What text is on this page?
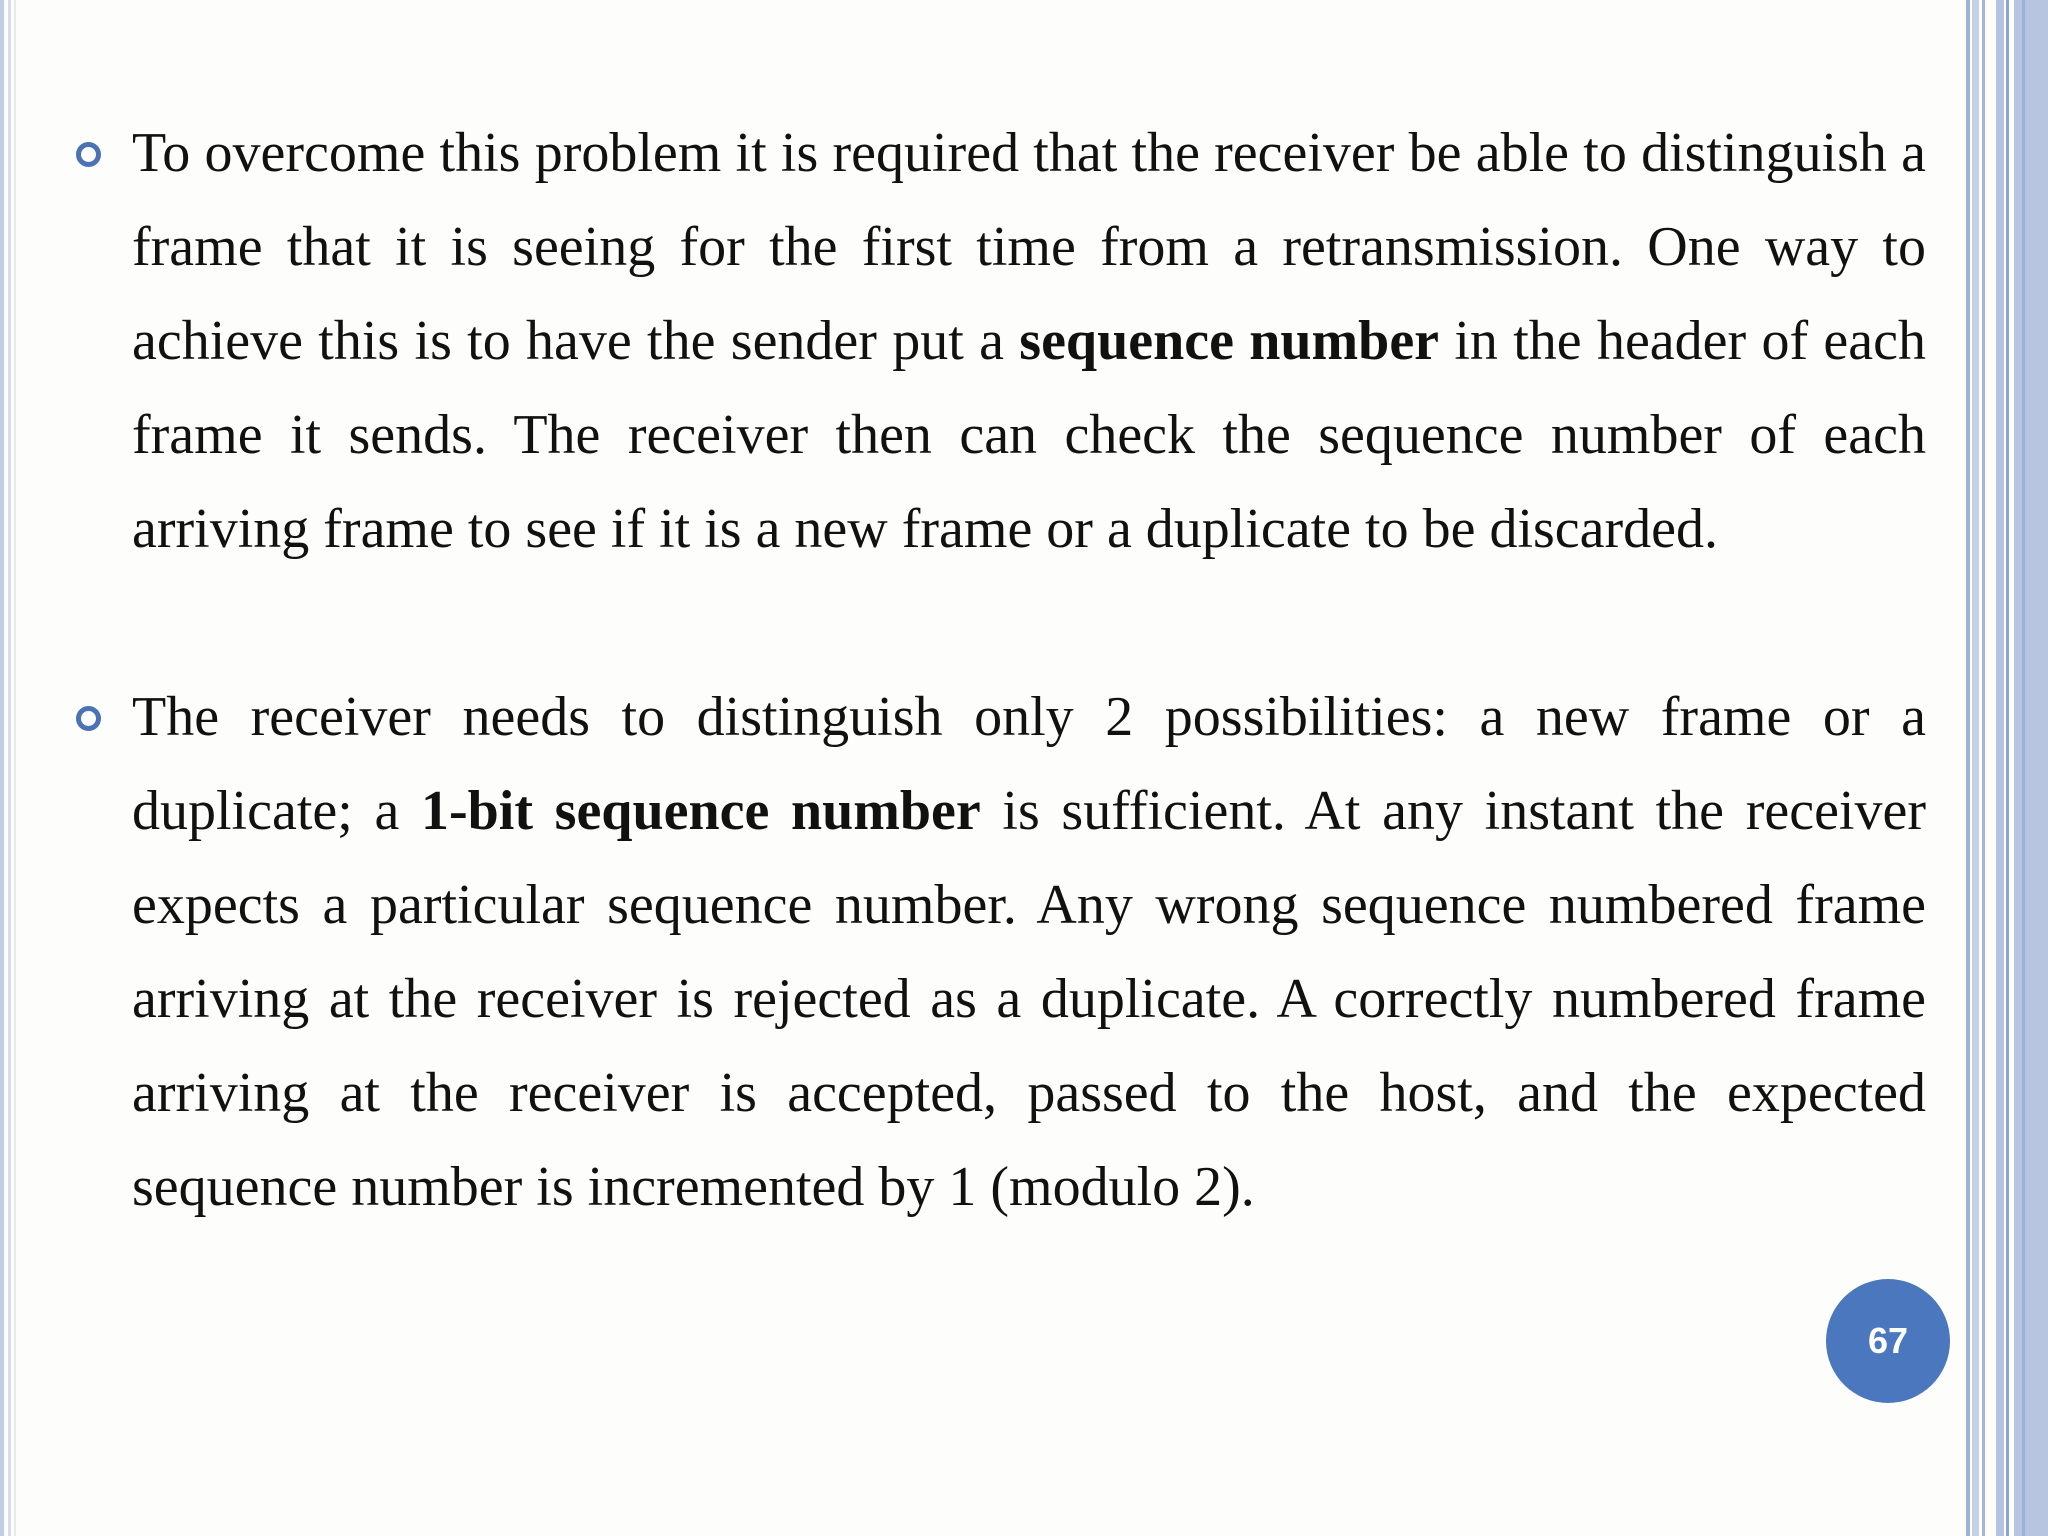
To overcome this problem it is required that the receiver be able to distinguish a frame that it is seeing for the first time from a retransmission. One way to achieve this is to have the sender put a sequence number in the header of each frame it sends. The receiver then can check the sequence number of each arriving frame to see if it is a new frame or a duplicate to be discarded.

The receiver needs to distinguish only 2 possibilities: a new frame or a duplicate; a 1-bit sequence number is sufficient. At any instant the receiver expects a particular sequence number. Any wrong sequence numbered frame arriving at the receiver is rejected as a duplicate. A correctly numbered frame arriving at the receiver is accepted, passed to the host, and the expected sequence number is incremented by 1 (modulo 2).

67
